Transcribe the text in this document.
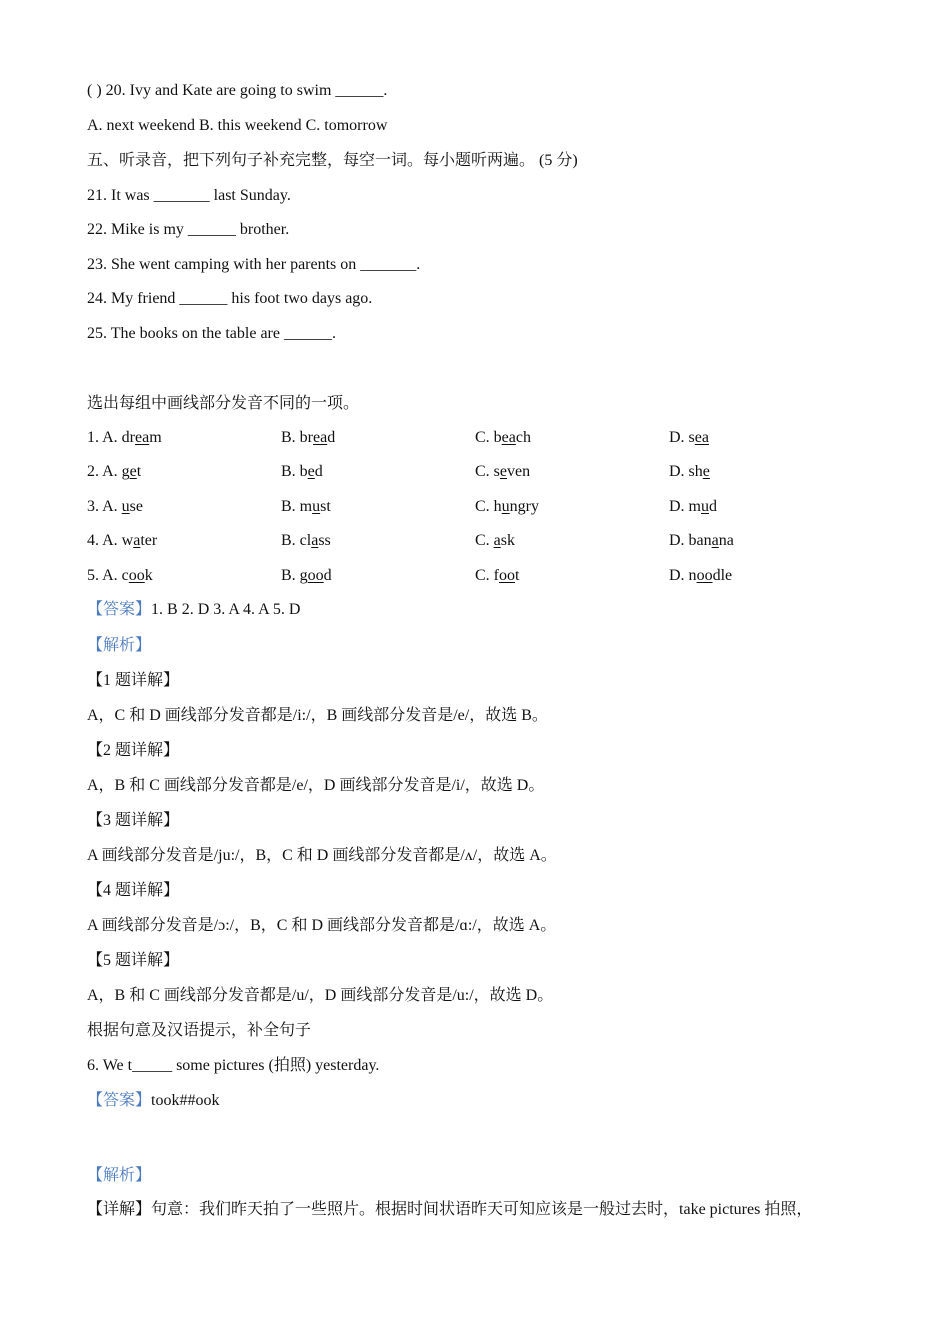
( ) 20. Ivy and Kate are going to swim ______.
A. next weekend B. this weekend C. tomorrow
五、听录音，把下列句子补充完整，每空一词。每小题听两遍。 (5 分)
21. It was _______ last Sunday.
22. Mike is my ______ brother.
23. She went camping with her parents on _______.
24. My friend ______ his foot two days ago.
25. The books on the table are ______.
选出每组中画线部分发音不同的一项。
1. A. dream	B. bread	C. beach	D. sea
2. A. get	B. bed	C. seven	D. she
3. A. use	B. must	C. hungry	D. mud
4. A. water	B. class	C. ask	D. banana
5. A. cook	B. good	C. foot	D. noodle
【答案】1. B 2. D 3. A 4. A 5. D
【解析】
【1 题详解】
A，C 和 D 画线部分发音都是/i:/，B 画线部分发音是/e/，故选 B。
【2 题详解】
A，B 和 C 画线部分发音都是/e/，D 画线部分发音是/i/，故选 D。
【3 题详解】
A 画线部分发音是/ju:/，B，C 和 D 画线部分发音都是/ʌ/，故选 A。
【4 题详解】
A 画线部分发音是/ɔ:/，B，C 和 D 画线部分发音都是/ɑ:/，故选 A。
【5 题详解】
A，B 和 C 画线部分发音都是/u/，D 画线部分发音是/u:/，故选 D。
根据句意及汉语提示，补全句子
6. We t_____ some pictures (拍照) yesterday.
【答案】took##ook
【解析】
【详解】句意：我们昨天拍了一些照片。根据时间状语昨天可知应该是一般过去时，take pictures 拍照，
